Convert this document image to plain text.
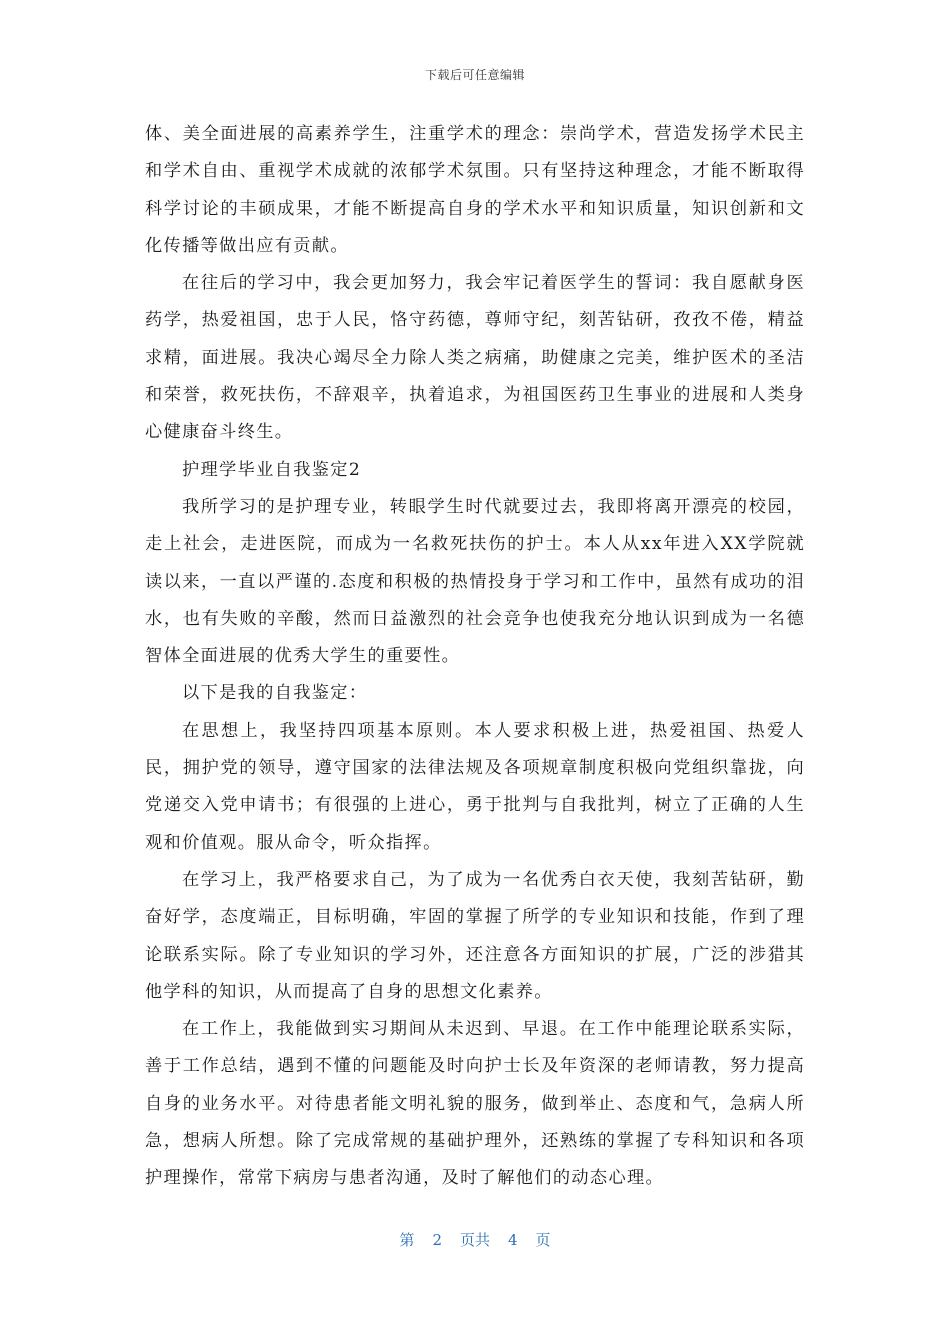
下载后可任意编辑

体、美全面进展的高素养学生，注重学术的理念：崇尚学术，营造发扬学术民主和学术自由、重视学术成就的浓郁学术氛围。只有坚持这种理念，才能不断取得科学讨论的丰硕成果，才能不断提高自身的学术水平和知识质量，知识创新和文化传播等做出应有贡献。

在往后的学习中，我会更加努力，我会牢记着医学生的誓词：我自愿献身医药学，热爱祖国，忠于人民，恪守药德，尊师守纪，刻苦钻研，孜孜不倦，精益求精，面进展。我决心竭尽全力除人类之病痛，助健康之完美，维护医术的圣洁和荣誉，救死扶伤，不辞艰辛，执着追求，为祖国医药卫生事业的进展和人类身心健康奋斗终生。

护理学毕业自我鉴定2

我所学习的是护理专业，转眼学生时代就要过去，我即将离开漂亮的校园，走上社会，走进医院，而成为一名救死扶伤的护士。本人从xx年进入XX学院就读以来，一直以严谨的.态度和积极的热情投身于学习和工作中，虽然有成功的泪水，也有失败的辛酸，然而日益激烈的社会竞争也使我充分地认识到成为一名德智体全面进展的优秀大学生的重要性。

以下是我的自我鉴定：

在思想上，我坚持四项基本原则。本人要求积极上进，热爱祖国、热爱人民，拥护党的领导，遵守国家的法律法规及各项规章制度积极向党组织靠拢，向党递交入党申请书；有很强的上进心，勇于批判与自我批判，树立了正确的人生观和价值观。服从命令，听众指挥。

在学习上，我严格要求自己，为了成为一名优秀白衣天使，我刻苦钻研，勤奋好学，态度端正，目标明确，牢固的掌握了所学的专业知识和技能，作到了理论联系实际。除了专业知识的学习外，还注意各方面知识的扩展，广泛的涉猎其他学科的知识，从而提高了自身的思想文化素养。

在工作上，我能做到实习期间从未迟到、早退。在工作中能理论联系实际，善于工作总结，遇到不懂的问题能及时向护士长及年资深的老师请教，努力提高自身的业务水平。对待患者能文明礼貌的服务，做到举止、态度和气，急病人所急，想病人所想。除了完成常规的基础护理外，还熟练的掌握了专科知识和各项护理操作，常常下病房与患者沟通，及时了解他们的动态心理。

第 2 页共 4 页
